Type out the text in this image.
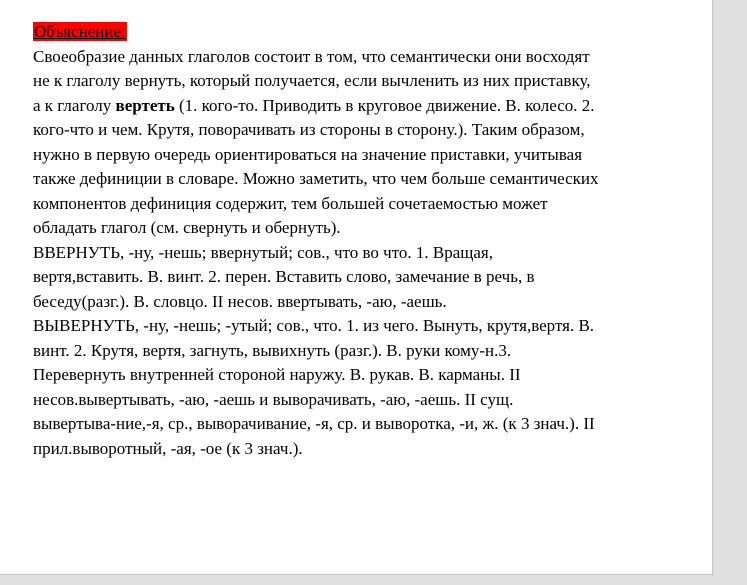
Объяснение:
Своеобразие данных глаголов состоит в том, что семантически они восходят
не к глаголу вернуть, который получается, если вычленить из них приставку,
а к глаголу вертеть (1. кого-то. Приводить в круговое движение. В. колесо. 2.
кого-что и чем. Крутя, поворачивать из стороны в сторону.). Таким образом,
нужно в первую очередь ориентироваться на значение приставки, учитывая
также дефиниции в словаре. Можно заметить, что чем больше семантических
компонентов дефиниция содержит, тем большей сочетаемостью может
обладать глагол (см. свернуть и обернуть).
ВВЕРНУТЬ, -ну, -нешь; ввернутый; сов., что во что. 1. Вращая,
вертя,вставить. В. винт. 2. перен. Вставить слово, замечание в речь, в
беседу(разг.). В. словцо. II несов. ввертывать, -аю, -аешь.
ВЫВЕРНУТЬ, -ну, -нешь; -утый; сов., что. 1. из чего. Вынуть, крутя,вертя. В.
винт. 2. Крутя, вертя, загнуть, вывихнуть (разг.). В. руки кому-н.3.
Перевернуть внутренней стороной наружу. В. рукав. В. карманы. II
несов.вывертывать, -аю, -аешь и выворачивать, -аю, -аешь. II сущ.
вывертыва-ние,-я, ср., выворачивание, -я, ср. и выворотка, -и, ж. (к 3 знач.). II
прил.выворотный, -ая, -ое (к 3 знач.).
